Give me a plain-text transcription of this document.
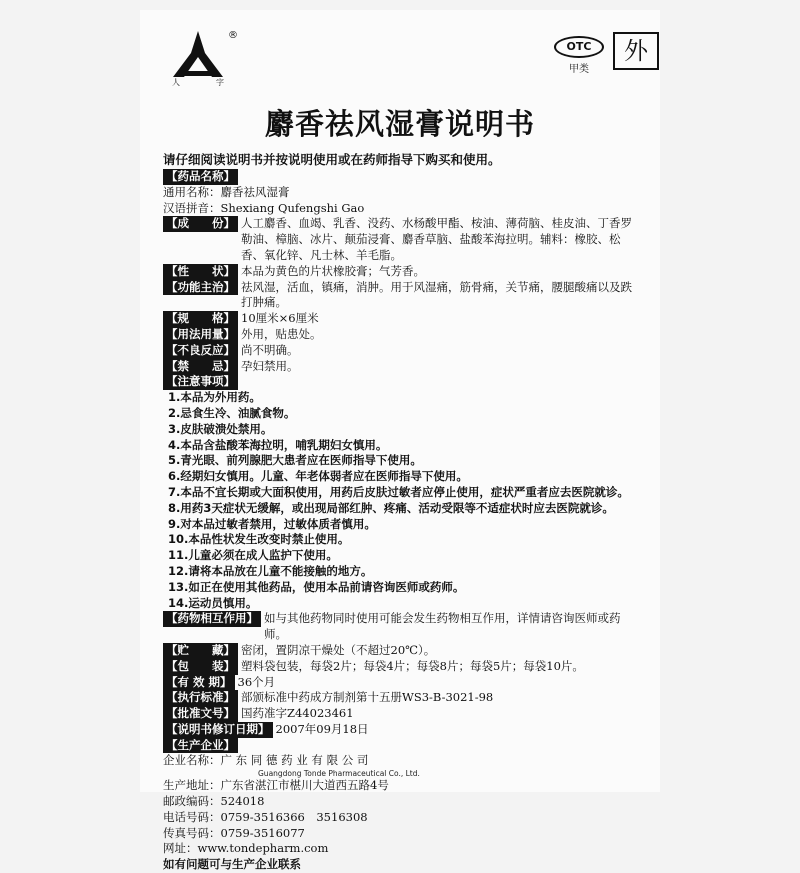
人	字
®
OTC
甲类
外
麝香祛风湿膏说明书
请仔细阅读说明书并按说明使用或在药师指导下购买和使用。
【药品名称】
通用名称：麝香祛风湿膏
汉语拼音：Shexiang Qufengshi Gao
【成　　份】 人工麝香、血竭、乳香、没药、水杨酸甲酯、桉油、薄荷脑、桂皮油、丁香罗勒油、樟脑、冰片、颠茄浸膏、麝香草脑、盐酸苯海拉明。辅料：橡胶、松香、氧化锌、凡士林、羊毛脂。
【性　　状】 本品为黄色的片状橡胶膏；气芳香。
【功能主治】 祛风湿，活血，镇痛，消肿。用于风湿痛，筋骨痛，关节痛，腰腿酸痛以及跌打肿痛。
【规　　格】 10厘米×6厘米
【用法用量】 外用，贴患处。
【不良反应】 尚不明确。
【禁　　忌】 孕妇禁用。
【注意事项】
1.本品为外用药。
2.忌食生冷、油腻食物。
3.皮肤破溃处禁用。
4.本品含盐酸苯海拉明，哺乳期妇女慎用。
5.青光眼、前列腺肥大患者应在医师指导下使用。
6.经期妇女慎用。儿童、年老体弱者应在医师指导下使用。
7.本品不宜长期或大面积使用，用药后皮肤过敏者应停止使用，症状严重者应去医院就诊。
8.用药3天症状无缓解，或出现局部红肿、疼痛、活动受限等不适症状时应去医院就诊。
9.对本品过敏者禁用，过敏体质者慎用。
10.本品性状发生改变时禁止使用。
11.儿童必须在成人监护下使用。
12.请将本品放在儿童不能接触的地方。
13.如正在使用其他药品，使用本品前请咨询医师或药师。
14.运动员慎用。
【药物相互作用】 如与其他药物同时使用可能会发生药物相互作用，详情请咨询医师或药师。
【贮　　藏】 密闭，置阴凉干燥处（不超过20℃）。
【包　　装】 塑料袋包装，每袋2片；每袋4片；每袋8片；每袋5片；每袋10片。
【有 效 期】 36个月
【执行标准】 部颁标准中药成方制剂第十五册WS3-B-3021-98
【批准文号】 国药准字Z44023461
【说明书修订日期】 2007年09月18日
【生产企业】
企业名称：广 东 同 德 药 业 有 限 公 司
Guangdong Tonde Pharmaceutical Co., Ltd.
生产地址：广东省湛江市椹川大道西五路4号
邮政编码：524018
电话号码：0759-3516366　3516308
传真号码：0759-3516077
网址：www.tondepharm.com
如有问题可与生产企业联系
